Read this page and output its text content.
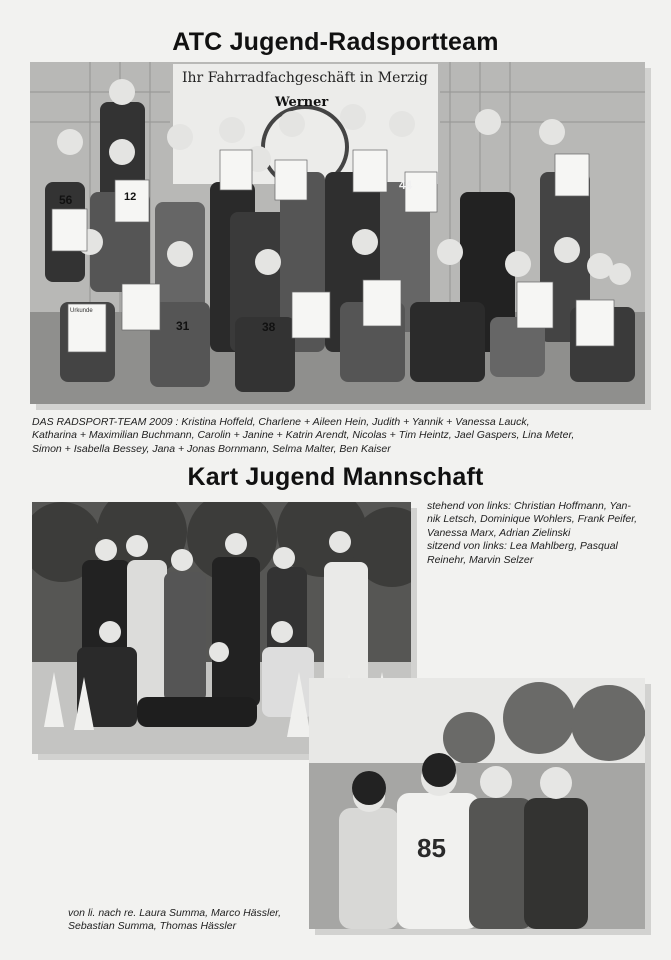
ATC Jugend-Radsportteam
Ihr Fahrradfachgeschäft in Merzig
Werner
56	12
44
31	38
Urkunde
DAS RADSPORT-TEAM 2009 : Kristina Hoffeld, Charlene + Aileen Hein, Judith + Yannik + Vanessa Lauck,
Katharina + Maximilian Buchmann, Carolin + Janine + Katrin Arendt, Nicolas + Tim Heintz, Jael Gaspers, Lina Meter,
Simon + Isabella Bessey, Jana + Jonas Bornmann, Selma Malter, Ben Kaiser
Kart Jugend Mannschaft
stehend von links: Christian Hoffmann, Yan-
nik Letsch, Dominique Wohlers, Frank Peifer,
Vanessa Marx, Adrian Zielinski
sitzend von links: Lea Mahlberg, Pasqual
Reinehr, Marvin Selzer
85
von li. nach re. Laura Summa, Marco Hässler,
Sebastian Summa, Thomas Hässler
